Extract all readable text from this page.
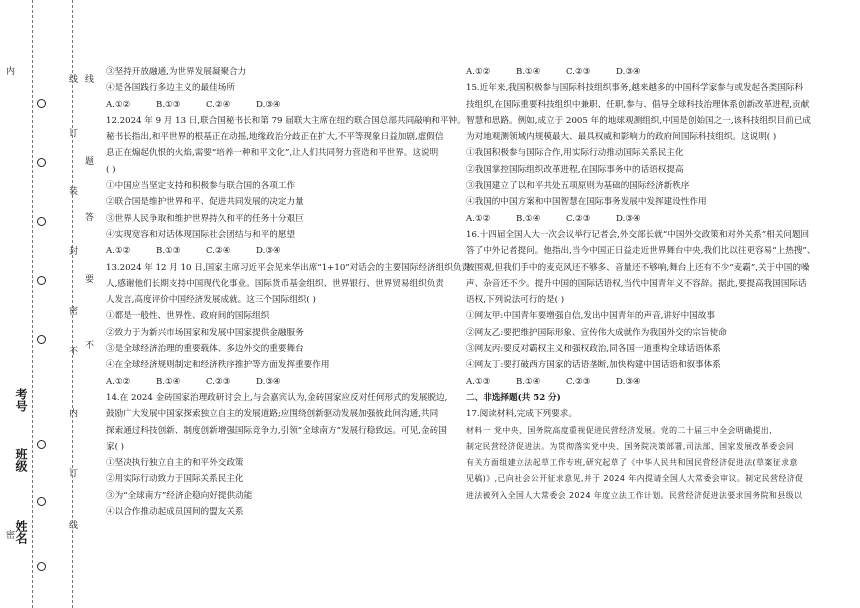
线
订
装
封
密
不
内
订
线
线
题
答
要
不
内
密
考号
班级
姓名

③坚持开放融通,为世界发展凝聚合力

④是各国践行多边主义的最佳场所

A.①②	B.①③	C.②④	D.③④

12.2024 年 9 月 13 日,联合国秘书长和第 79 届联大主席在纽约联合国总部共同敲响和平钟。

秘书长指出,和平世界的根基正在动摇,地缘政治分歧正在扩大,不平等现象日益加剧,虚假信

息正在煽起仇恨的火焰,需要“培养一种和平文化”,让人们共同努力营造和平世界。这说明

( )

①中国应当坚定支持和积极参与联合国的各项工作

②联合国是维护世界和平、促进共同发展的决定力量

③世界人民争取和维护世界持久和平的任务十分艰巨

④实现宽容和对话体现国际社会团结与和平的愿望

A.①②	B.①③	C.②④	D.③④

13.2024 年 12 月 10 日,国家主席习近平会见来华出席“1+10”对话会的主要国际经济组织负责

人,感谢他们长期支持中国现代化事业。国际货币基金组织、世界银行、世界贸易组织负责

人发言,高度评价中国经济发展成就。这三个国际组织( )

①都是一般性、世界性、政府间的国际组织

②致力于为新兴市场国家和发展中国家提供金融服务

③是全球经济治理的重要载体、多边外交的重要舞台

④在全球经济规则制定和经济秩序推护等方面发挥重要作用

A.①②	B.①④	C.②③	D.③④

14.在 2024 金砖国家治理政研讨会上,与会嘉宾认为,金砖国家应反对任何形式的发展脱边,

鼓励广大发展中国家探索独立自主的发展道路;应围绕创新驱动发展加强彼此间沟通,共同

探索通过科技创新、制度创新增强国际竞争力,引领“全球南方”发展行稳致远。可见,金砖国

家( )

①坚决执行独立自主的和平外交政策

②用实际行动致力于国际关系民主化

③为“全球南方”经济企稳向好提供动能

④以合作推动起成员国间的盟友关系

A.①②	B.①④	C.②③	D.③④

15.近年来,我国积极参与国际科技组织事务,越来越多的中国科学家参与或发起各类国际科

技组织,在国际重要科技组织中兼职、任职,参与、倡导全球科技治理体系创新改革进程,贡献

智慧和思路。例如,成立于 2005 年的地球观测组织,中国是创始国之一,该科技组织目前已成

为对地观测领域内规模最大、最具权威和影响力的政府间国际科技组织。这说明( )

①我国积极参与国际合作,用实际行动推动国际关系民主化

②我国掌控国际组织改革进程,在国际事务中的话语权提高

③我国建立了以和平共处五项原则为基础的国际经济新秩序

④我国的中国方案和中国智慧在国际事务发展中发挥建设性作用

A.①②	B.①④	C.②③	D.③④

16.十四届全国人大一次会议举行记者会,外交部长就“中国外交政策和对外关系”相关问题回

答了中外记者提问。他指出,当今中国正日益走近世界舞台中央,我们比以往更容易“上热搜”、

被围观,但我们手中的麦克风还不够多、音量还不够响,舞台上还有不少“麦霸”,关于中国的噪

声、杂音还不少。提升中国的国际话语权,当代中国青年义不容辞。据此,要提高我国国际话

语权,下列说法可行的是( )

①网友甲:中国青年要增强自信,发出中国青年的声音,讲好中国故事

②网友乙:要把维护国际形象、宣传伟大成就作为我国外交的宗旨使命

③网友丙:要反对霸权主义和强权政治,同各国一道重构全球话语体系

④网友丁:要打破西方国家的话语垄断,加快构建中国话语和叙事体系

A.①③	B.①④	C.②③	D.③④

二、非选择题(共 52 分)

17.阅读材料,完成下列要求。

材料一 党中央、国务院高度重视促进民营经济发展。党的二十届三中全会明确提出,

制定民营经济促进法。为贯彻落实党中央、国务院决策部署,司法部、国家发展改革委会同

有关方面组建立法起草工作专班,研究起草了《中华人民共和国民营经济促进法(草案征求意

见稿)》,已向社会公开征求意见,并于 2024 年内提请全国人大常委会审议。制定民营经济促

进法被列入全国人大常委会 2024 年度立法工作计划。民营经济促进法要求国务院和县级以
